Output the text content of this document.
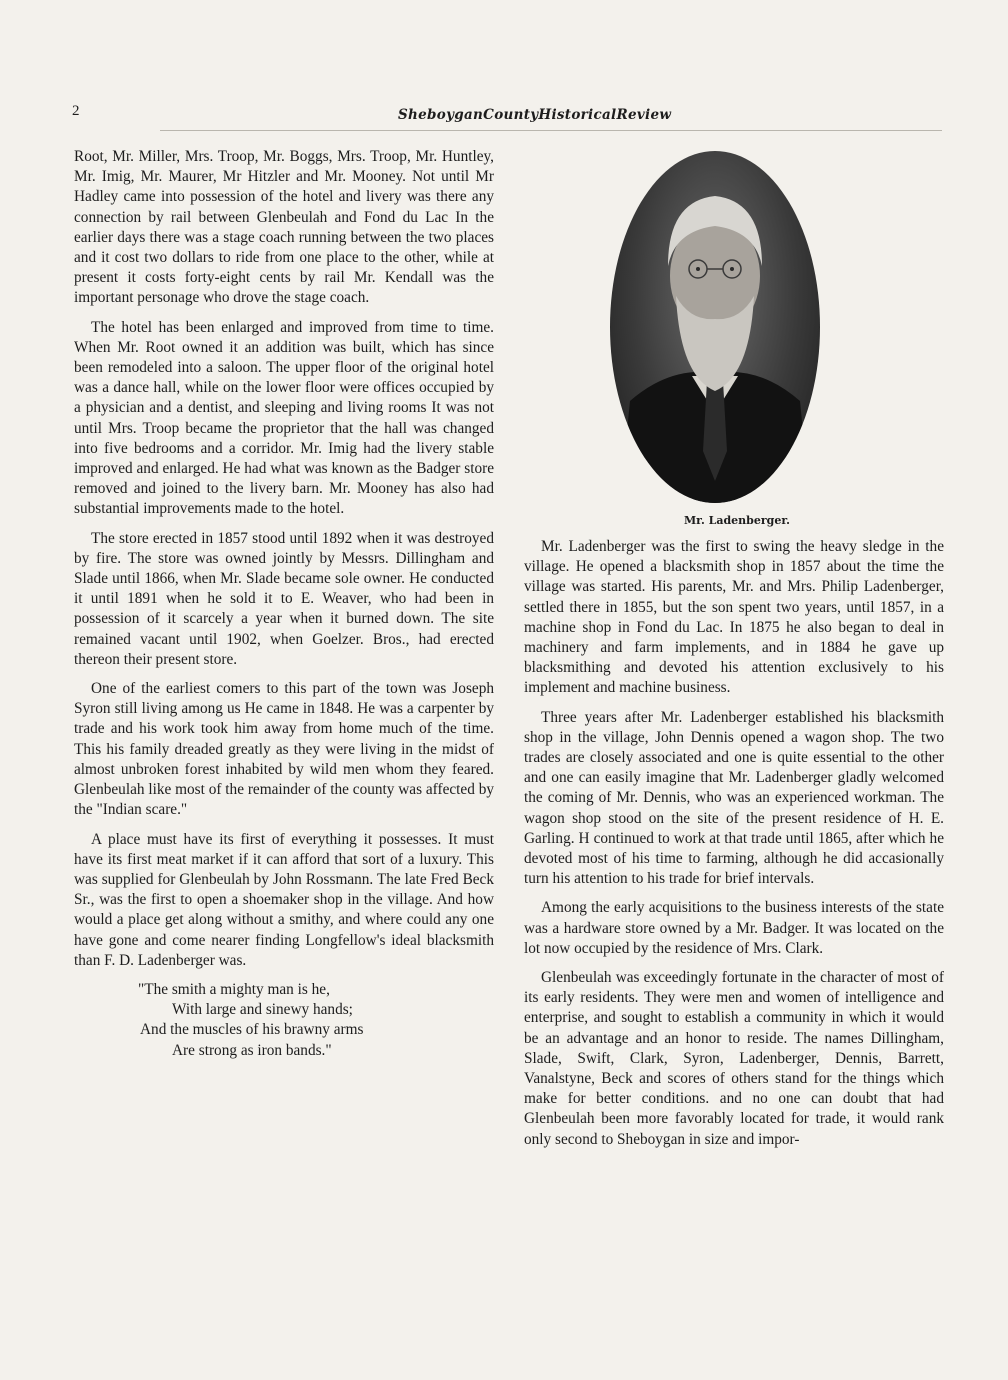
2	SheboyganCountyHistoricalReview

Root, Mr. Miller, Mrs. Troop, Mr. Boggs, Mrs. Troop, Mr. Huntley, Mr. Imig, Mr. Maurer, Mr Hitzler and Mr. Mooney. Not until Mr Hadley came into possession of the hotel and livery was there any connection by rail between Glenbeulah and Fond du Lac In the earlier days there was a stage coach running between the two places and it cost two dollars to ride from one place to the other, while at present it costs forty-eight cents by rail Mr. Kendall was the important personage who drove the stage coach.

The hotel has been enlarged and improved from time to time. When Mr. Root owned it an addition was built, which has since been remodeled into a saloon. The upper floor of the original hotel was a dance hall, while on the lower floor were offices occupied by a physician and a dentist, and sleeping and living rooms It was not until Mrs. Troop became the proprietor that the hall was changed into five bedrooms and a corridor. Mr. Imig had the livery stable improved and enlarged. He had what was known as the Badger store removed and joined to the livery barn. Mr. Mooney has also had substantial improvements made to the hotel.

The store erected in 1857 stood until 1892 when it was destroyed by fire. The store was owned jointly by Messrs. Dillingham and Slade until 1866, when Mr. Slade became sole owner. He conducted it until 1891 when he sold it to E. Weaver, who had been in possession of it scarcely a year when it burned down. The site remained vacant until 1902, when Goelzer. Bros., had erected thereon their present store.

One of the earliest comers to this part of the town was Joseph Syron still living among us He came in 1848. He was a carpenter by trade and his work took him away from home much of the time. This his family dreaded greatly as they were living in the midst of almost unbroken forest inhabited by wild men whom they feared. Glenbeulah like most of the remainder of the county was affected by the "Indian scare."

A place must have its first of everything it possesses. It must have its first meat market if it can afford that sort of a luxury. This was supplied for Glenbeulah by John Rossmann. The late Fred Beck Sr., was the first to open a shoemaker shop in the village. And how would a place get along without a smithy, and where could any one have gone and come nearer finding Longfellow's ideal blacksmith than F. D. Ladenberger was.

"The smith a mighty man is he,
With large and sinewy hands;
And the muscles of his brawny arms
Are strong as iron bands."
Mr. Ladenberger.

Mr. Ladenberger was the first to swing the heavy sledge in the village. He opened a blacksmith shop in 1857 about the time the village was started. His parents, Mr. and Mrs. Philip Ladenberger, settled there in 1855, but the son spent two years, until 1857, in a machine shop in Fond du Lac. In 1875 he also began to deal in machinery and farm implements, and in 1884 he gave up blacksmithing and devoted his attention exclusively to his implement and machine business.

Three years after Mr. Ladenberger established his blacksmith shop in the village, John Dennis opened a wagon shop. The two trades are closely associated and one is quite essential to the other and one can easily imagine that Mr. Ladenberger gladly welcomed the coming of Mr. Dennis, who was an experienced workman. The wagon shop stood on the site of the present residence of H. E. Garling. H continued to work at that trade until 1865, after which he devoted most of his time to farming, although he did accasionally turn his attention to his trade for brief intervals.

Among the early acquisitions to the business interests of the state was a hardware store owned by a Mr. Badger. It was located on the lot now occupied by the residence of Mrs. Clark.

Glenbeulah was exceedingly fortunate in the character of most of its early residents. They were men and women of intelligence and enterprise, and sought to establish a community in which it would be an advantage and an honor to reside. The names Dillingham, Slade, Swift, Clark, Syron, Ladenberger, Dennis, Barrett, Vanalstyne, Beck and scores of others stand for the things which make for better conditions. and no one can doubt that had Glenbeulah been more favorably located for trade, it would rank only second to Sheboygan in size and impor-
